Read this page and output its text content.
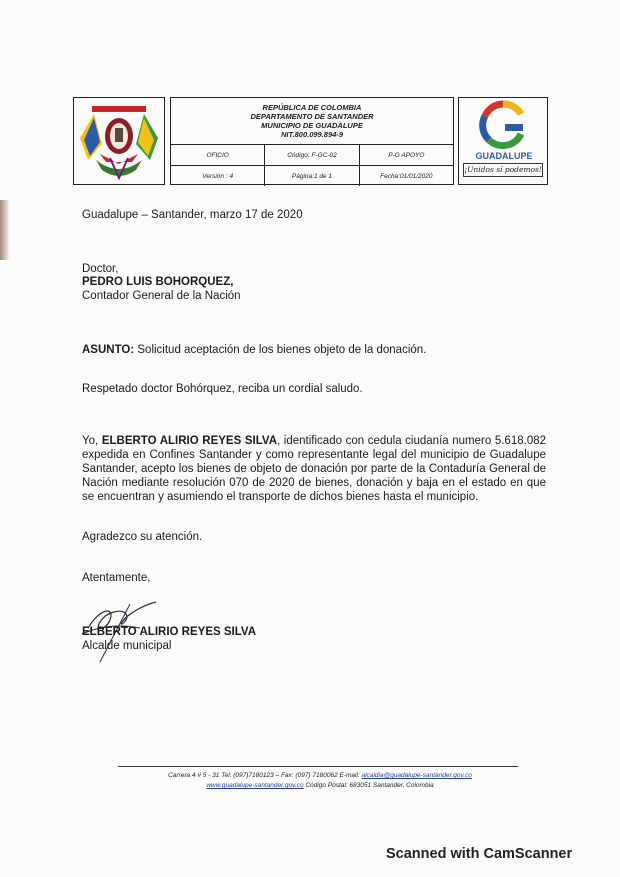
REPÚBLICA DE COLOMBIA
DEPARTAMENTO DE SANTANDER
MUNICIPIO DE GUADALUPE
NIT.800.099.894-9
OFICIO	Código: F-GC-02	P-G APOYO
Versión : 4	Página:1 de 1	Fecha:01/01/2020
GUADALUPE
¡Unidos sí podemos!
Guadalupe – Santander, marzo 17 de 2020
Doctor,
PEDRO LUIS BOHORQUEZ,
Contador General de la Nación
ASUNTO: Solicitud aceptación de los bienes objeto de la donación.
Respetado doctor Bohórquez, reciba un cordial saludo.
Yo, ELBERTO ALIRIO REYES SILVA, identificado con cedula ciudanía numero 5.618.082 expedida en Confines Santander y como representante legal del municipio de Guadalupe Santander, acepto los bienes de objeto de donación por parte de la Contaduría General de Nación mediante resolución 070 de 2020 de bienes, donación y baja en el estado en que se encuentran y asumiendo el transporte de dichos bienes hasta el municipio.
Agradezco su atención.
Atentamente,
ELBERTO ALIRIO REYES SILVA
Alcalde municipal
Carrera 4 # 5 - 31 Tel: (097)7180123 – Fax: (097) 7180062 E-mail: alcaldia@guadalupe-santander.gov.co
www.guadalupe-santander.gov.co Código Postal: 683051 Santander, Colombia
Scanned with CamScanner
